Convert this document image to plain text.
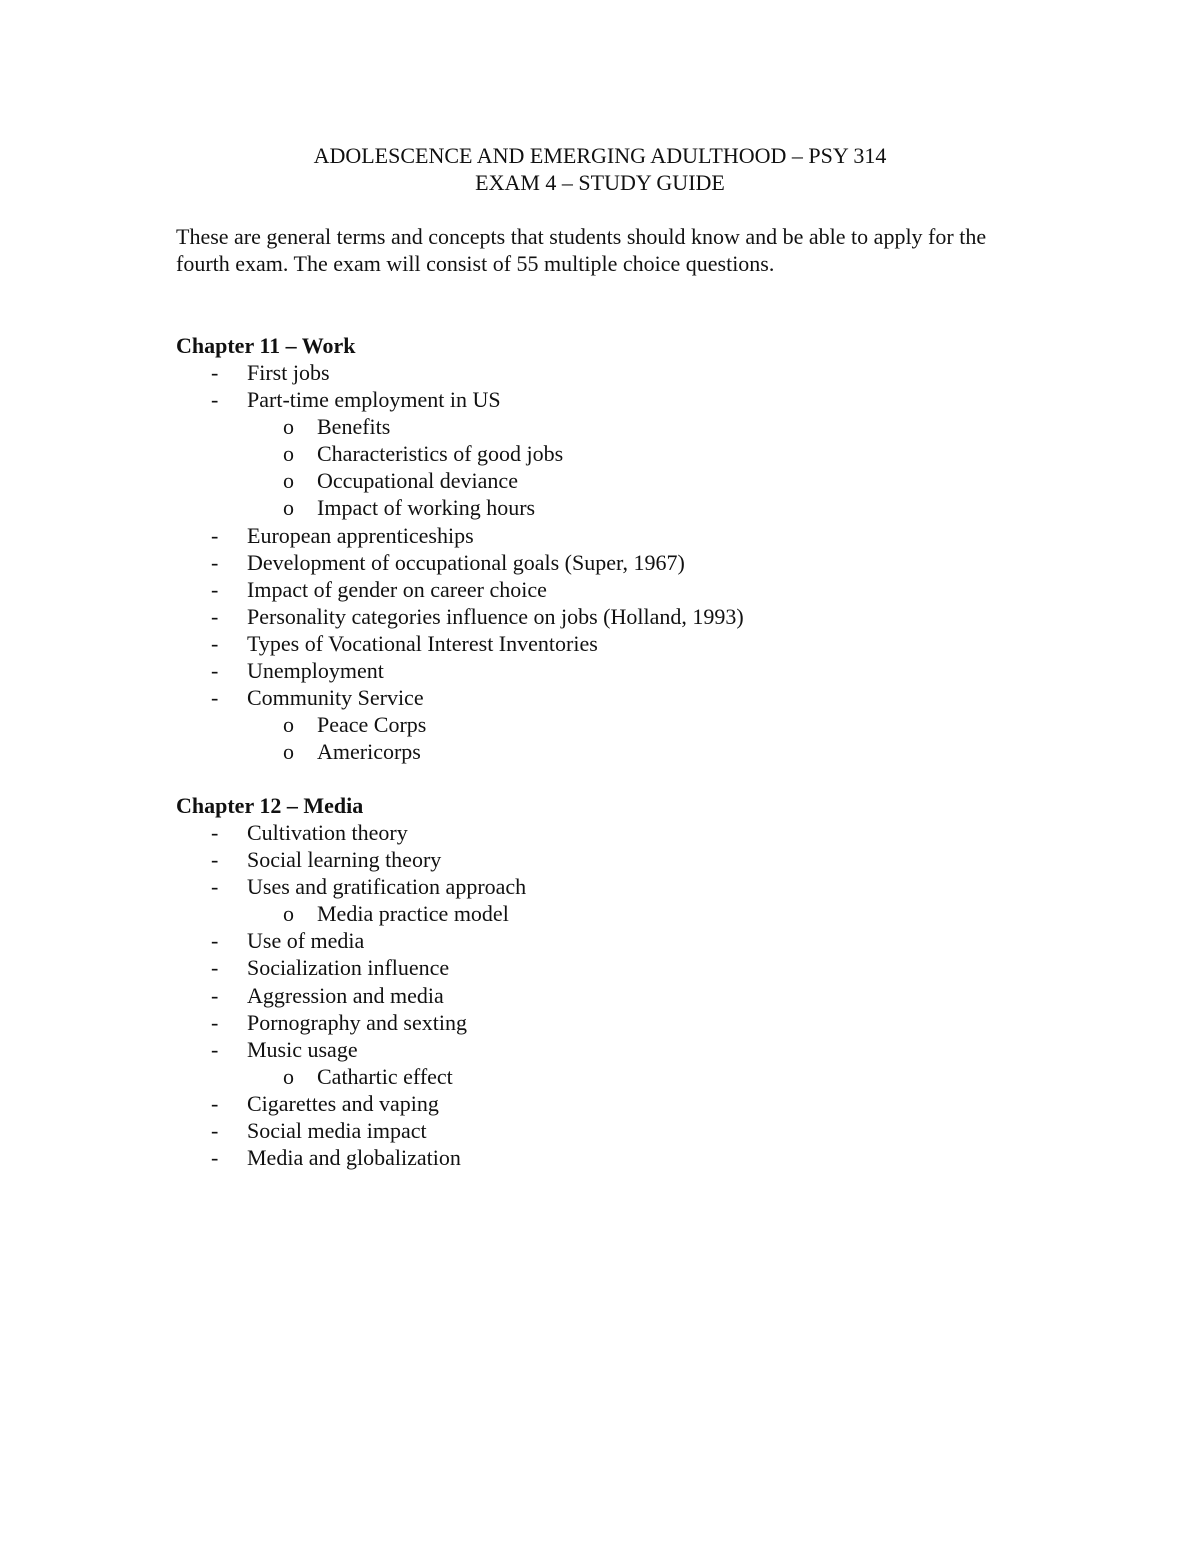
ADOLESCENCE AND EMERGING ADULTHOOD – PSY 314
EXAM 4 – STUDY GUIDE
These are general terms and concepts that students should know and be able to apply for the fourth exam. The exam will consist of 55 multiple choice questions.
Chapter 11 – Work
- First jobs
- Part-time employment in US
o Benefits
o Characteristics of good jobs
o Occupational deviance
o Impact of working hours
- European apprenticeships
- Development of occupational goals (Super, 1967)
- Impact of gender on career choice
- Personality categories influence on jobs (Holland, 1993)
- Types of Vocational Interest Inventories
- Unemployment
- Community Service
o Peace Corps
o Americorps
Chapter 12 – Media
- Cultivation theory
- Social learning theory
- Uses and gratification approach
o Media practice model
- Use of media
- Socialization influence
- Aggression and media
- Pornography and sexting
- Music usage
o Cathartic effect
- Cigarettes and vaping
- Social media impact
- Media and globalization
